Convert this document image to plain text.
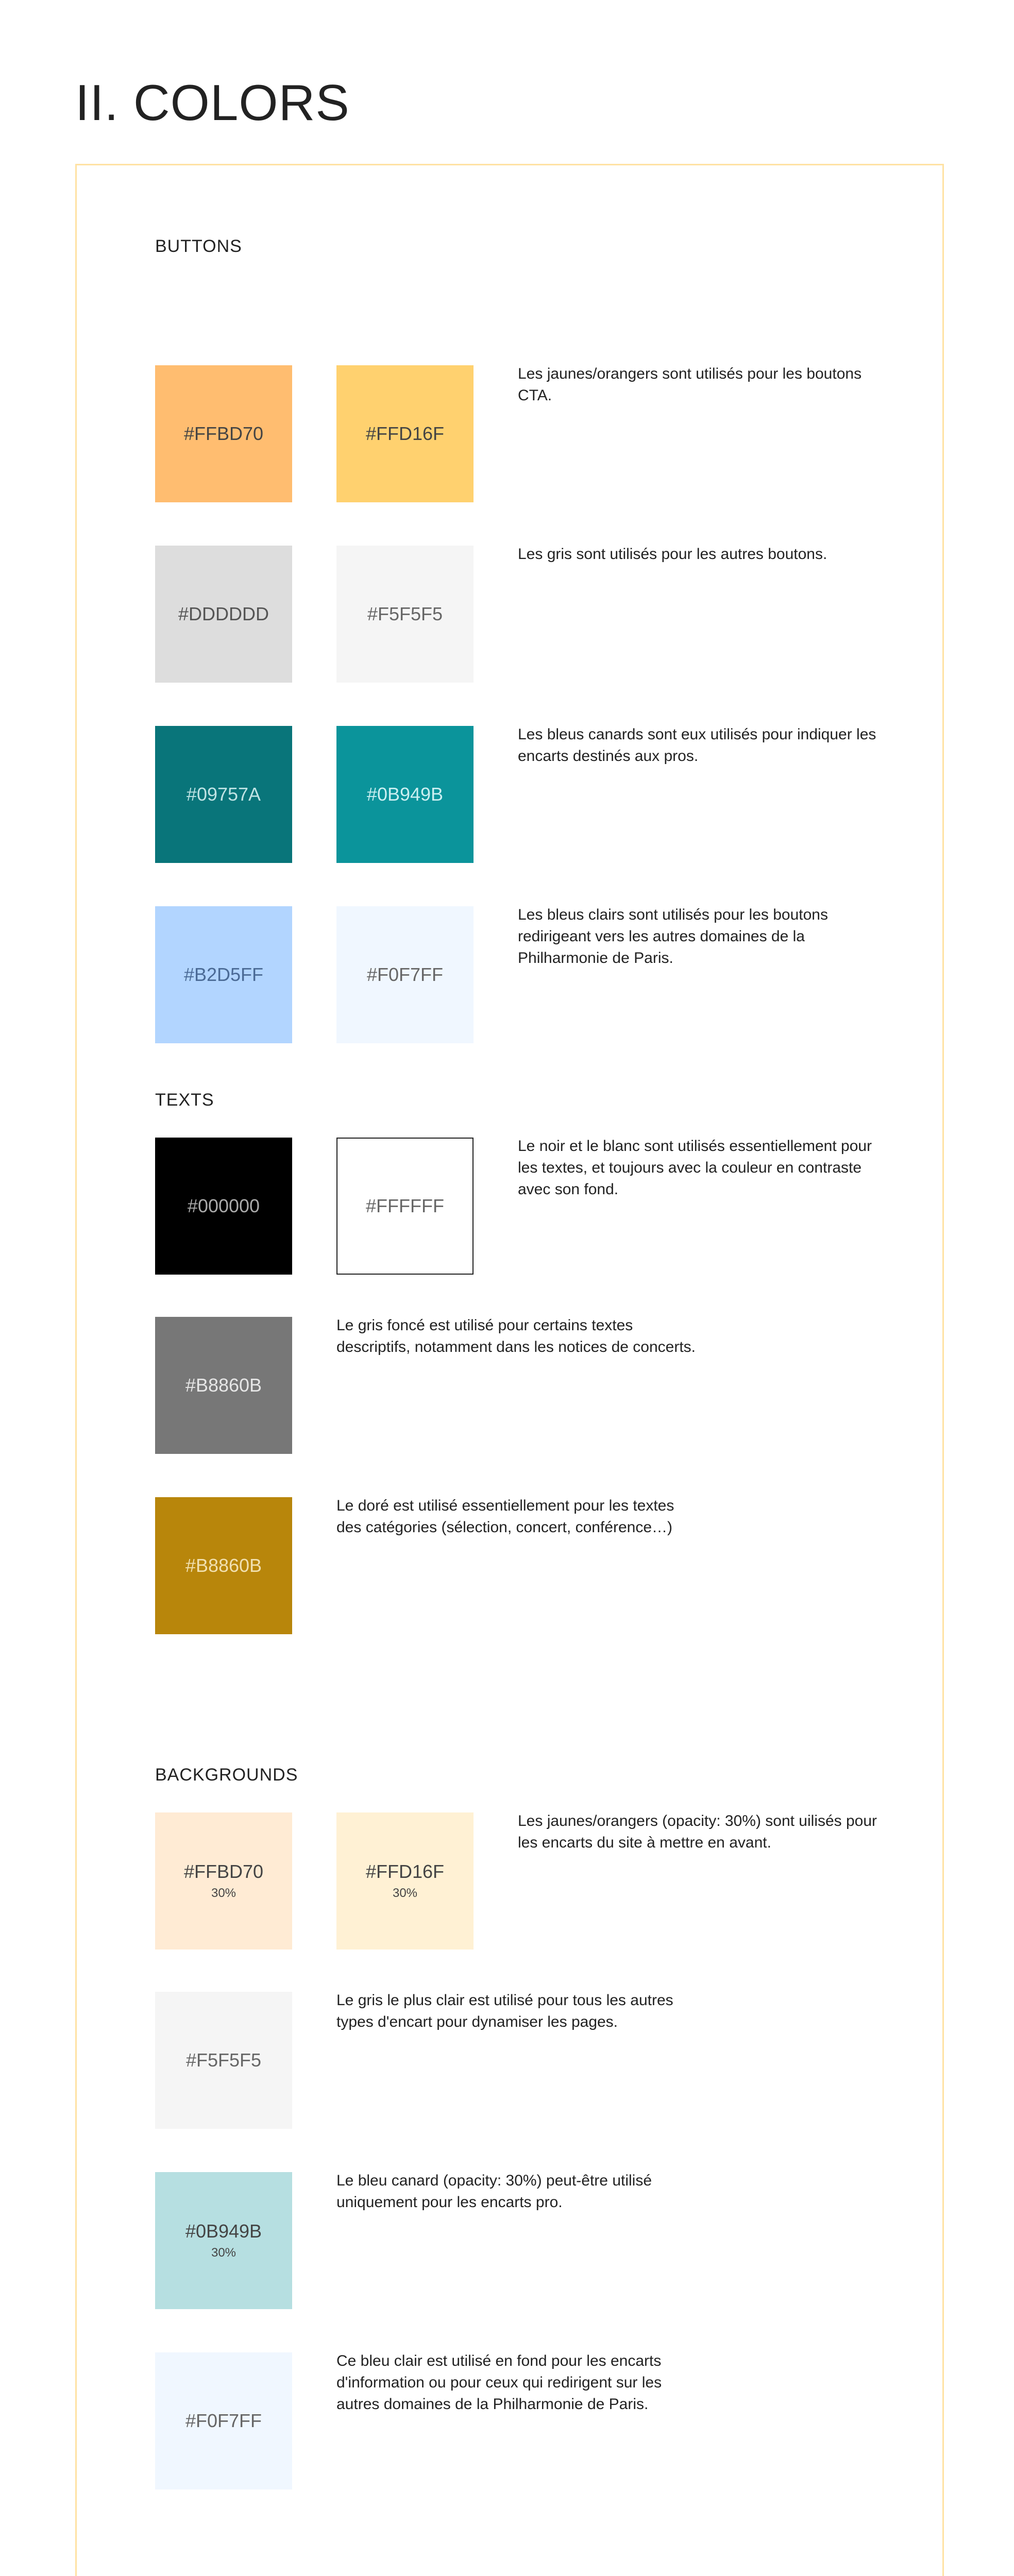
II. COLORS
BUTTONS
#FFBD70	#FFD16F

Les jaunes/orangers sont utilisés pour les boutons CTA.

#DDDDDD	#F5F5F5

Les gris sont utilisés pour les autres boutons.

#09757A	#0B949B

Les bleus canards sont eux utilisés pour indiquer les encarts destinés aux pros.

#B2D5FF	#F0F7FF

Les bleus clairs sont utilisés pour les boutons redirigeant vers les autres domaines de la Philharmonie de Paris.

TEXTS
#000000	#FFFFFF

Le noir et le blanc sont utilisés essentiellement pour les textes, et toujours avec la couleur en contraste avec son fond.

#B8860B

Le gris foncé est utilisé pour certains textes descriptifs, notamment dans les notices de concerts.

#B8860B

Le doré est utilisé essentiellement pour les textes des catégories (sélection, concert, conférence…)

BACKGROUNDS
#FFBD70
30%
#FFD16F
30%

Les jaunes/orangers (opacity: 30%) sont uilisés pour les encarts du site à mettre en avant.

#F5F5F5

Le gris le plus clair est utilisé pour tous les autres types d'encart pour dynamiser les pages.

#0B949B
30%

Le bleu canard (opacity: 30%) peut-être utilisé uniquement pour les encarts pro.

#F0F7FF

Ce bleu clair est utilisé en fond pour les encarts d'information ou pour ceux qui redirigent sur les autres domaines de la Philharmonie de Paris.
